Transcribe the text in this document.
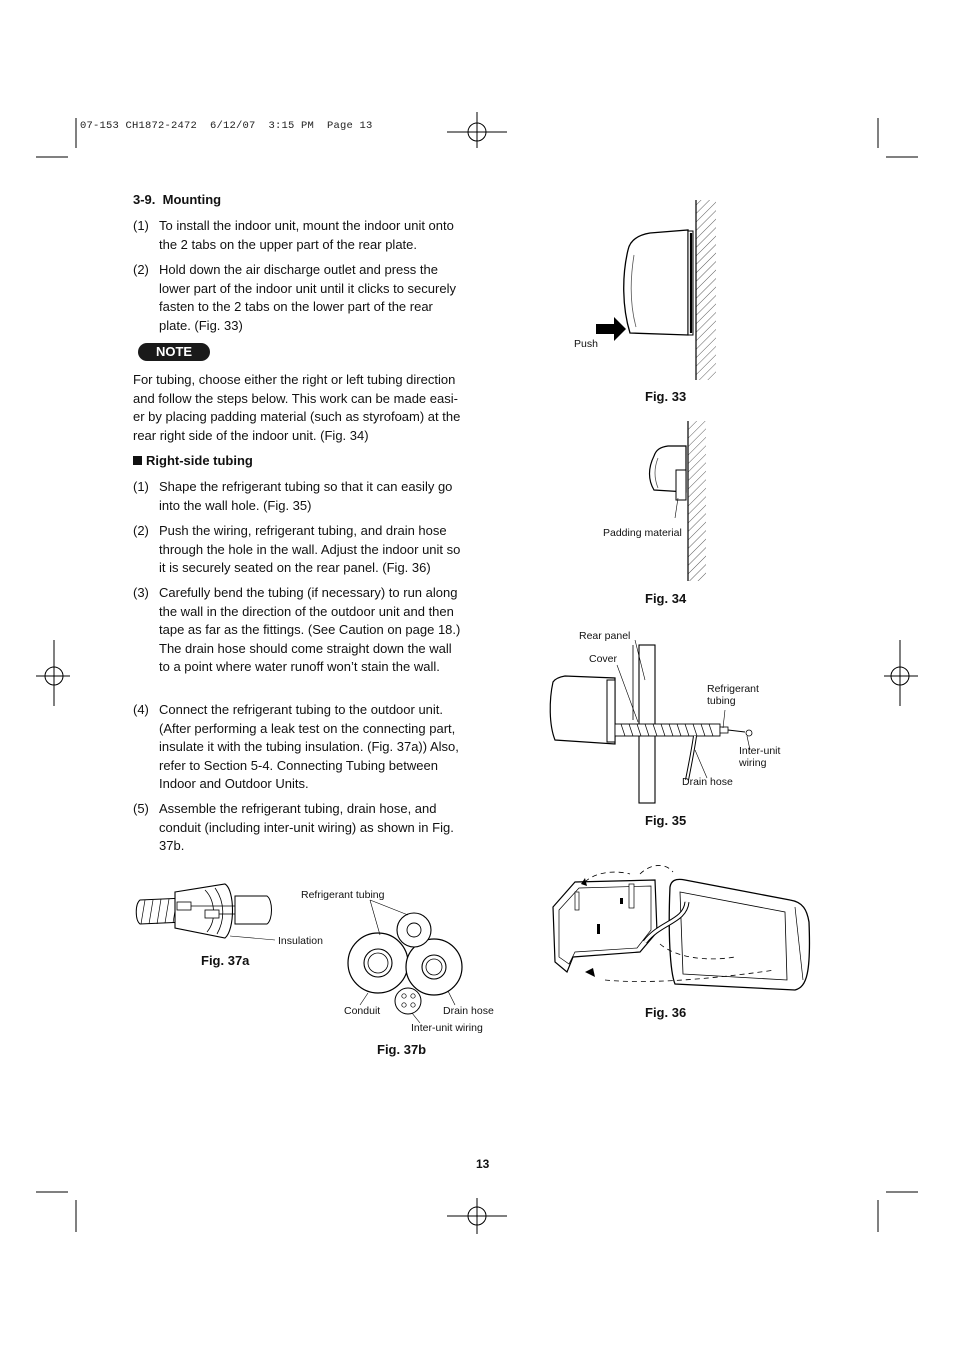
07-153 CH1872-2472  6/12/07  3:15 PM  Page 13
3-9.  Mounting
(1) To install the indoor unit, mount the indoor unit onto the 2 tabs on the upper part of the rear plate.
(2) Hold down the air discharge outlet and press the lower part of the indoor unit until it clicks to securely fasten to the 2 tabs on the lower part of the rear plate. (Fig. 33)
NOTE
For tubing, choose either the right or left tubing direction and follow the steps below. This work can be made easi-er by placing padding material (such as styrofoam) at the rear right side of the indoor unit. (Fig. 34)
Right-side tubing
(1) Shape the refrigerant tubing so that it can easily go into the wall hole. (Fig. 35)
(2) Push the wiring, refrigerant tubing, and drain hose through the hole in the wall. Adjust the indoor unit so it is securely seated on the rear panel. (Fig. 36)
(3) Carefully bend the tubing (if necessary) to run along the wall in the direction of the outdoor unit and then tape as far as the fittings. (See Caution on page 18.) The drain hose should come straight down the wall to a point where water runoff won’t stain the wall.
(4) Connect the refrigerant tubing to the outdoor unit. (After performing a leak test on the connecting part, insulate it with the tubing insulation. (Fig. 37a)) Also, refer to Section 5-4. Connecting Tubing between Indoor and Outdoor Units.
(5) Assemble the refrigerant tubing, drain hose, and conduit (including inter-unit wiring) as shown in Fig. 37b.
Push
Fig. 33
Padding material
Fig. 34
Rear panel
Cover
Refrigerant
tubing
Inter-unit
wiring
Drain hose
Fig. 35
Fig. 36
Insulation
Fig. 37a
Refrigerant tubing
Conduit	Drain hose
Inter-unit wiring
Fig. 37b
13
